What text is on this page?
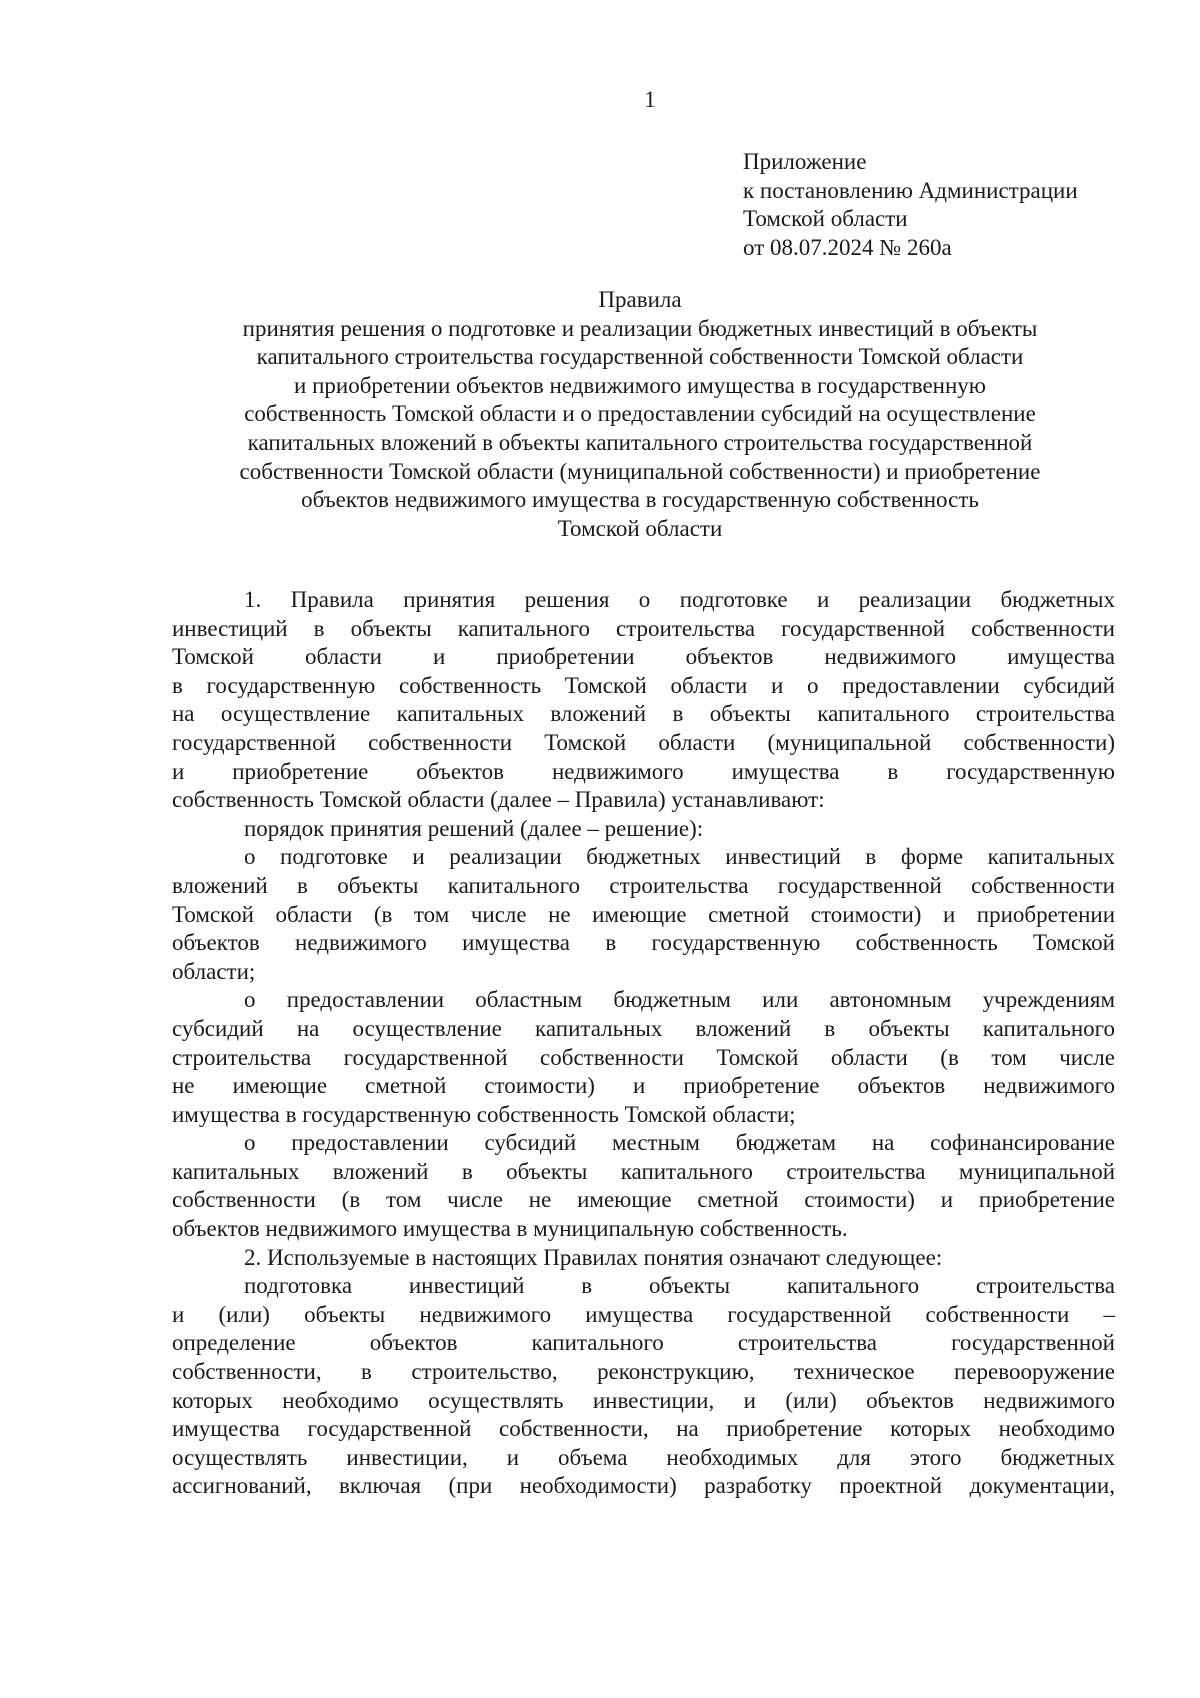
1
Приложение
к постановлению Администрации
Томской области
от 08.07.2024 № 260а
Правила
принятия решения о подготовке и реализации бюджетных инвестиций в объекты
капитального строительства государственной собственности Томской области
и приобретении объектов недвижимого имущества в государственную
собственность Томской области и о предоставлении субсидий на осуществление
капитальных вложений в объекты капитального строительства государственной
собственности Томской области (муниципальной собственности) и приобретение
объектов недвижимого имущества в государственную собственность
Томской области
1. Правила принятия решения о подготовке и реализации бюджетных
инвестиций в объекты капитального строительства государственной собственности
Томской области и приобретении объектов недвижимого имущества
в государственную собственность Томской области и о предоставлении субсидий
на осуществление капитальных вложений в объекты капитального строительства
государственной собственности Томской области (муниципальной собственности)
и приобретение объектов недвижимого имущества в государственную
собственность Томской области (далее – Правила) устанавливают:
порядок принятия решений (далее – решение):
о подготовке и реализации бюджетных инвестиций в форме капитальных
вложений в объекты капитального строительства государственной собственности
Томской области (в том числе не имеющие сметной стоимости) и приобретении
объектов недвижимого имущества в государственную собственность Томской
области;
о предоставлении областным бюджетным или автономным учреждениям
субсидий на осуществление капитальных вложений в объекты капитального
строительства государственной собственности Томской области (в том числе
не имеющие сметной стоимости) и приобретение объектов недвижимого
имущества в государственную собственность Томской области;
о предоставлении субсидий местным бюджетам на софинансирование
капитальных вложений в объекты капитального строительства муниципальной
собственности (в том числе не имеющие сметной стоимости) и приобретение
объектов недвижимого имущества в муниципальную собственность.
2. Используемые в настоящих Правилах понятия означают следующее:
подготовка инвестиций в объекты капитального строительства
и (или) объекты недвижимого имущества государственной собственности –
определение объектов капитального строительства государственной
собственности, в строительство, реконструкцию, техническое перевооружение
которых необходимо осуществлять инвестиции, и (или) объектов недвижимого
имущества государственной собственности, на приобретение которых необходимо
осуществлять инвестиции, и объема необходимых для этого бюджетных
ассигнований, включая (при необходимости) разработку проектной документации,
